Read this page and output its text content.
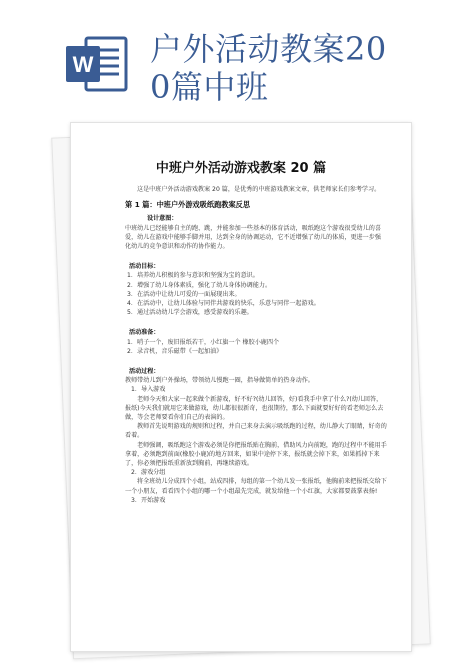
W 户外活动教案20
0篇中班
中班户外活动游戏教案 20 篇

这是中班户外活动游戏教案 20 篇，是优秀的中班游戏教案文章，供老师家长们参考学习。

第 1 篇：中班户外游戏吸纸跑教案反思

设计意图：

中班幼儿已经能够自主的跑、跳，并能参加一些基本的体育活动，吸纸跑这个游戏很受幼儿的喜爱，幼儿在游戏中能够手脚并用，达到全身的协调运动，它不近增强了幼儿的体质，更进一步强化幼儿的竞争意识和动作的协作能力。

活动目标：

1．培养幼儿积极的参与意识和坚强为宝的意识。

2．增强了幼儿身体素质，强化了幼儿身体协调能力。

3．在活动中让幼儿可爱的一面展现出来。

4．在活动中，让幼儿体验与同伴共游戏的快乐，乐意与同伴一起游戏。

5．通过活动幼儿学会游戏，感受游戏的乐趣。

活动准备：

1．哨子一个，废旧报纸若干，小红旗一个 橡胶小鹿四个

2．录音机，音乐磁带《一起加油》

活动过程：

教师带幼儿到户外操场，带领幼儿慢跑一圈，指导做简单的热身动作。

1．导入游戏

老师今天和大家一起来做个新游戏，好不好?(幼儿回答，好)看我手中拿了什么?(幼儿回答，报纸)今天我们就用它来做游戏，幼儿都很很新奇，也很期待，那么下面就要好好的看老师怎么去做，等会老师要看你们自己的表演的。

教师首先说明游戏的规则和过程，并自己来身去演示吸纸跑的过程，幼儿静大了眼睛，好奇的看着。

老师强调，吸纸跑这个游戏必须是你把报纸贴在胸前，借助风力向前跑，跑的过程中不能用手拿着，必须跑到前面(橡胶小鹿)的地方回来，如果中途停下来，报纸就会掉下来，如果抓掉下来了，你必须把报纸重新放到胸前，再继续游戏。

2．游戏分组

将全班幼儿分成四个小组，站成四排，每组的第一个幼儿发一张报纸，他胸前来把报纸交给下一个小朋友，看看四个小组的哪一个小组最先完成，就发给他一个小红旗，大家都要鼓掌表扬!

3．开始游戏
